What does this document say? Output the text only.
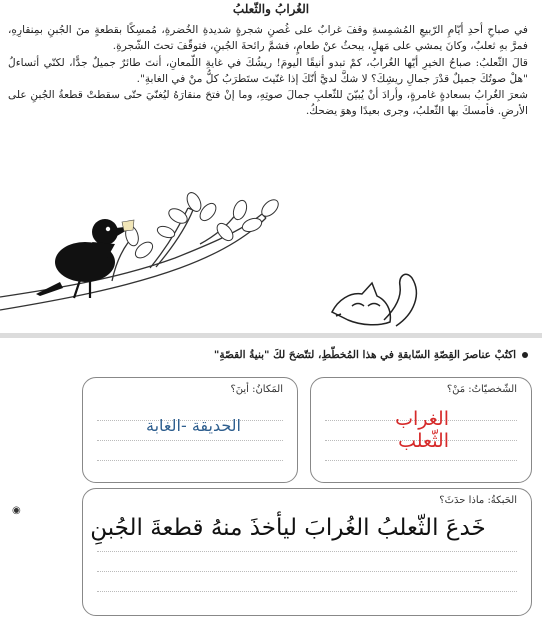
الغُرابُ والثّعلبُ

في صباحِ أحدِ أيّامِ الرّبيعِ المُشمِسةِ وقفَ غرابٌ على غُصنِ شجرةٍ شديدةِ الخُضرةِ، مُمسِكًا بقطعةٍ منَ الجُبنِ بمِنقارِهِ، فمرَّ بهِ ثعلبٌ، وكانَ يمشي على مَهلٍ، يبحثُ عنْ طعامٍ، فشمَّ رائحةَ الجُبنِ، فتوقّفَ تحتَ الشّجرةِ.

قالَ الثّعلبُ: صباحُ الخيرِ أيّها الغُرابُ، كمْ تبدو أنيقًا اليومَ! ريشُكَ في غايةِ اللّمعانِ، أنتَ طائرٌ جميلٌ جدًّا، لكنّي أتساءلُ "هلْ صوتُكَ جميلٌ قدْرَ جمالِ ريشِكَ؟ لا شكَّ لديَّ أنّكَ إذا غنّيتَ ستَطرَبُ كلُّ منْ في الغابةِ".

شعرَ الغُرابُ بسعادةٍ غامرةٍ، وأرادَ أنْ يُبيّنَ للثّعلبِ جمالَ صوتِهِ، وما إنْ فتحَ منقارَهُ ليُغنّيَ حتّى سقطتْ قطعةُ الجُبنِ على الأرضِ. فأمسكَ بها الثّعلبُ، وجرى بعيدًا وهوَ يضحكُ.

اكتُبْ عناصرَ القِصّةِ السّابقةِ في هذا المُخطّطِ، لتتّضحَ لكَ "بنيةُ القصّةِ"
الشّخصيّاتُ: مَنْ؟
الغراب
الثّعلب
المَكانُ: أينَ؟
الحديقة -الغابة
◉
الحَبكةُ: ماذا حدَثَ؟
خَدعَ الثّعلبُ الغُرابَ ليأخذَ منهُ قطعةَ الجُبنِ
